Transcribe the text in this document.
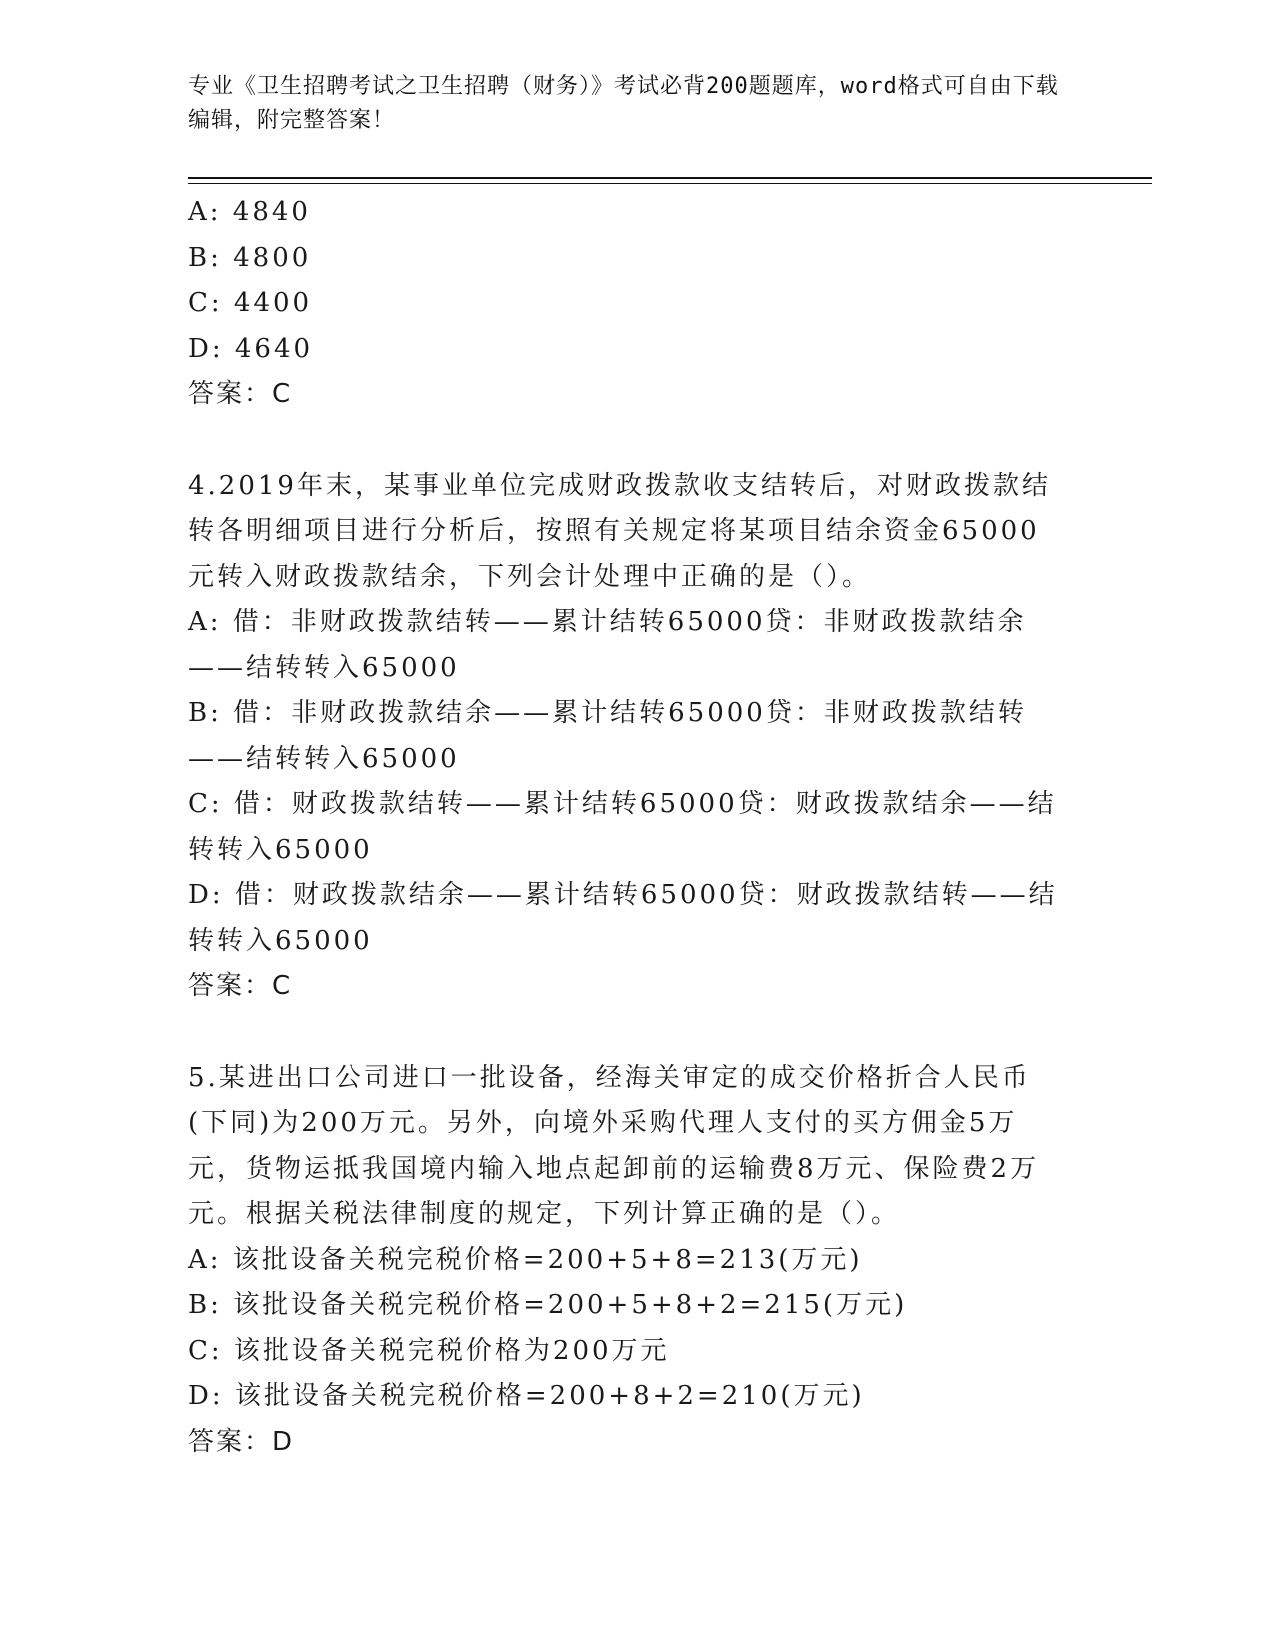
专业《卫生招聘考试之卫生招聘（财务）》考试必背200题题库，word格式可自由下载编辑，附完整答案！
A: 4840
B: 4800
C: 4400
D: 4640
答案：C
4.2019年末，某事业单位完成财政拨款收支结转后，对财政拨款结转各明细项目进行分析后，按照有关规定将某项目结余资金65000元转入财政拨款结余，下列会计处理中正确的是（）。
A: 借：非财政拨款结转——累计结转65000贷：非财政拨款结余——结转转入65000
B: 借：非财政拨款结余——累计结转65000贷：非财政拨款结转——结转转入65000
C: 借：财政拨款结转——累计结转65000贷：财政拨款结余——结转转入65000
D: 借：财政拨款结余——累计结转65000贷：财政拨款结转——结转转入65000
答案：C
5.某进出口公司进口一批设备，经海关审定的成交价格折合人民币(下同)为200万元。另外，向境外采购代理人支付的买方佣金5万元，货物运抵我国境内输入地点起卸前的运输费8万元、保险费2万元。根据关税法律制度的规定，下列计算正确的是（）。
A: 该批设备关税完税价格=200+5+8=213(万元)
B: 该批设备关税完税价格=200+5+8+2=215(万元)
C: 该批设备关税完税价格为200万元
D: 该批设备关税完税价格=200+8+2=210(万元)
答案：D
